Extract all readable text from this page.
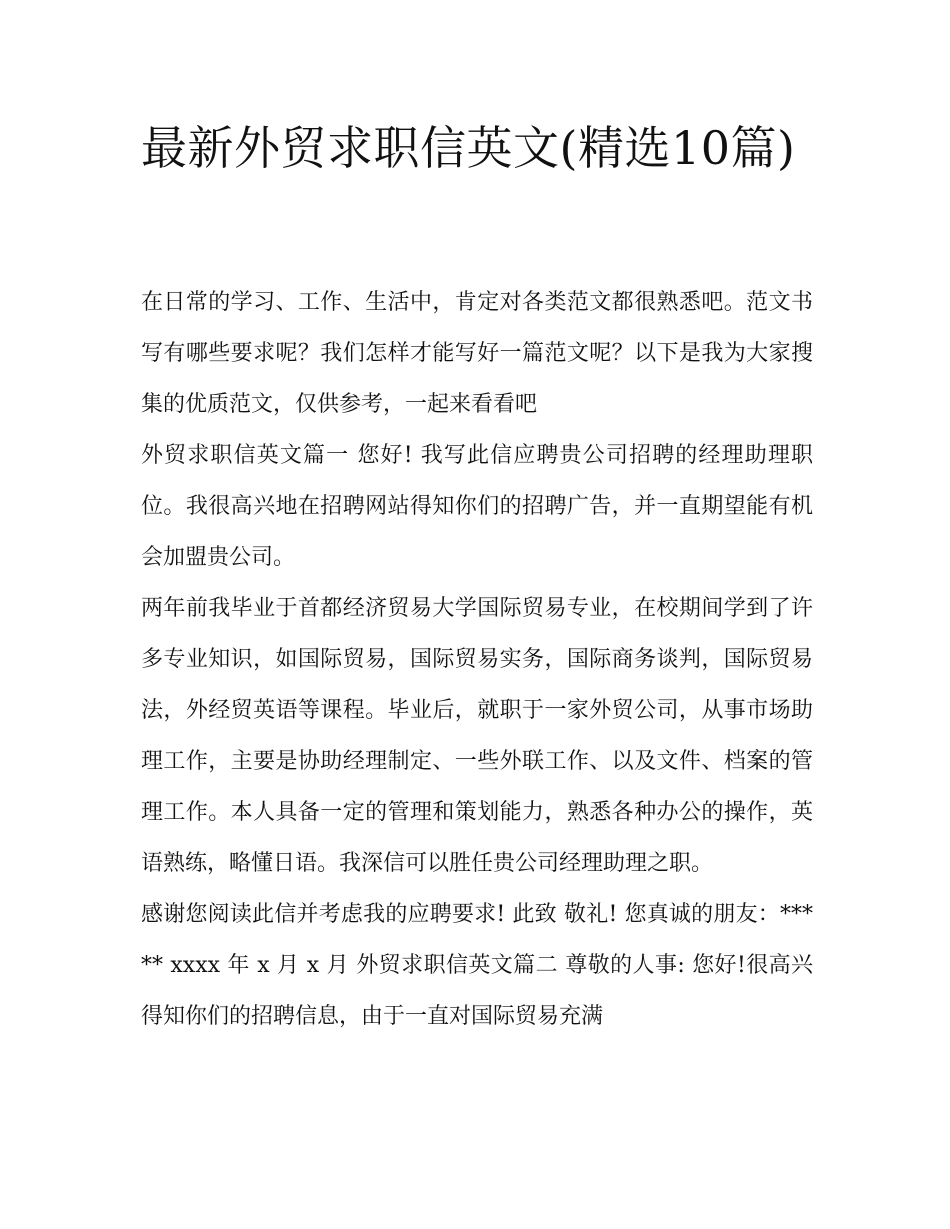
最新外贸求职信英文(精选10篇)

在日常的学习、工作、生活中，肯定对各类范文都很熟悉吧。范文书写有哪些要求呢？我们怎样才能写好一篇范文呢？以下是我为大家搜集的优质范文，仅供参考，一起来看看吧

外贸求职信英文篇一 您好! 我写此信应聘贵公司招聘的经理助理职位。我很高兴地在招聘网站得知你们的招聘广告，并一直期望能有机会加盟贵公司。

两年前我毕业于首都经济贸易大学国际贸易专业，在校期间学到了许多专业知识，如国际贸易，国际贸易实务，国际商务谈判，国际贸易法，外经贸英语等课程。毕业后，就职于一家外贸公司，从事市场助理工作，主要是协助经理制定、一些外联工作、以及文件、档案的管理工作。本人具备一定的管理和策划能力，熟悉各种办公的操作，英语熟练，略懂日语。我深信可以胜任贵公司经理助理之职。

感谢您阅读此信并考虑我的应聘要求! 此致 敬礼! 您真诚的朋友：***** xxxx 年 x 月 x 月 外贸求职信英文篇二 尊敬的人事: 您好!很高兴得知你们的招聘信息，由于一直对国际贸易充满
